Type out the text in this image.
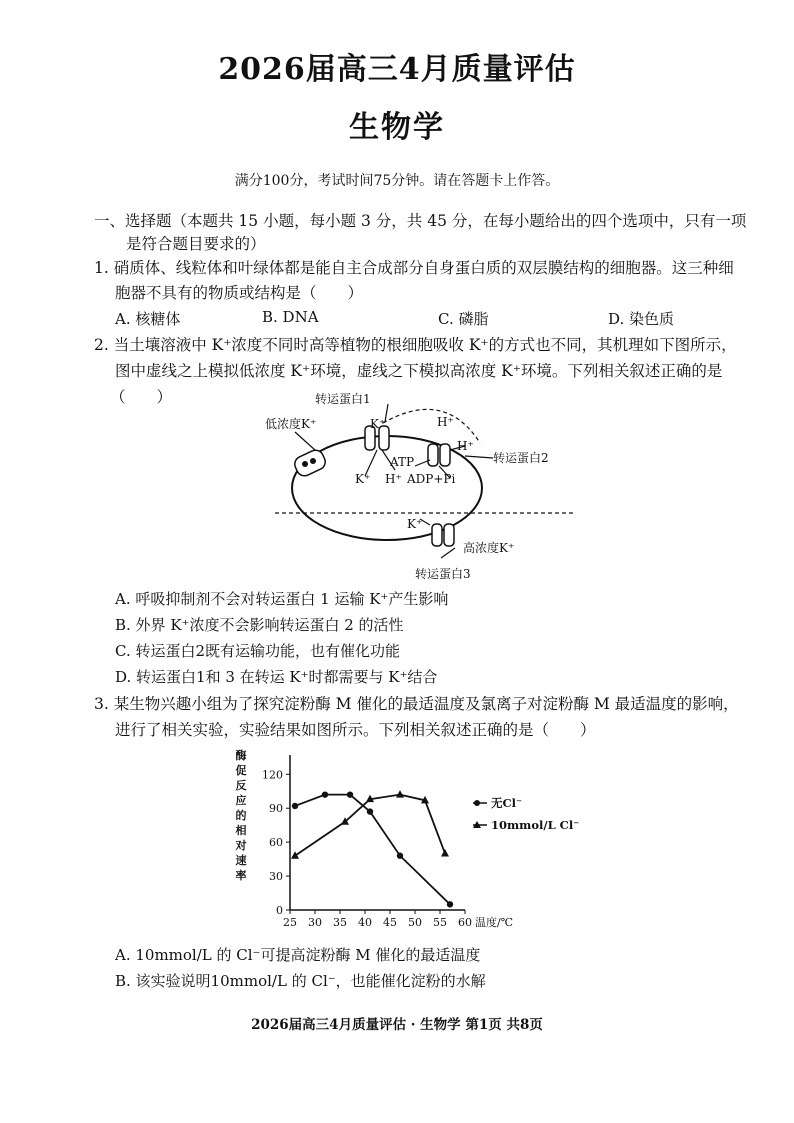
2026届高三4月质量评估
生物学
满分100分，考试时间75分钟。请在答题卡上作答。
一、选择题（本题共 15 小题，每小题 3 分，共 45 分，在每小题给出的四个选项中，只有一项
是符合题目要求的）
1. 硝质体、线粒体和叶绿体都是能自主合成部分自身蛋白质的双层膜结构的细胞器。这三种细
胞器不具有的物质或结构是（　　）
A. 核糖体	B. DNA	C. 磷脂	D. 染色质
2. 当土壤溶液中 K⁺浓度不同时高等植物的根细胞吸收 K⁺的方式也不同，其机理如下图所示，
图中虚线之上模拟低浓度 K⁺环境，虚线之下模拟高浓度 K⁺环境。下列相关叙述正确的是
（　　）	转运蛋白1
低浓度K⁺	K⁺	H⁺
H⁺
转运蛋白2
ATP
K⁺ H⁺ ADP+Pi
K⁺
高浓度K⁺
转运蛋白3
A. 呼吸抑制剂不会对转运蛋白 1 运输 K⁺产生影响
B. 外界 K⁺浓度不会影响转运蛋白 2 的活性
C. 转运蛋白2既有运输功能，也有催化功能
D. 转运蛋白1和 3 在转运 K⁺时都需要与 K⁺结合
3. 某生物兴趣小组为了探究淀粉酶 M 催化的最适温度及氯离子对淀粉酶 M 最适温度的影响，
进行了相关实验，实验结果如图所示。下列相关叙述正确的是（　　）
酶
促
反
应
的
相
对
速
率
25 30 35 40 45 50 55 60
0
30
60
90
120
无Cl⁻
10mmol/L Cl⁻
温度/℃
A. 10mmol/L 的 Cl⁻可提高淀粉酶 M 催化的最适温度
B. 该实验说明10mmol/L 的 Cl⁻，也能催化淀粉的水解
2026届高三4月质量评估 · 生物学 第1页 共8页
